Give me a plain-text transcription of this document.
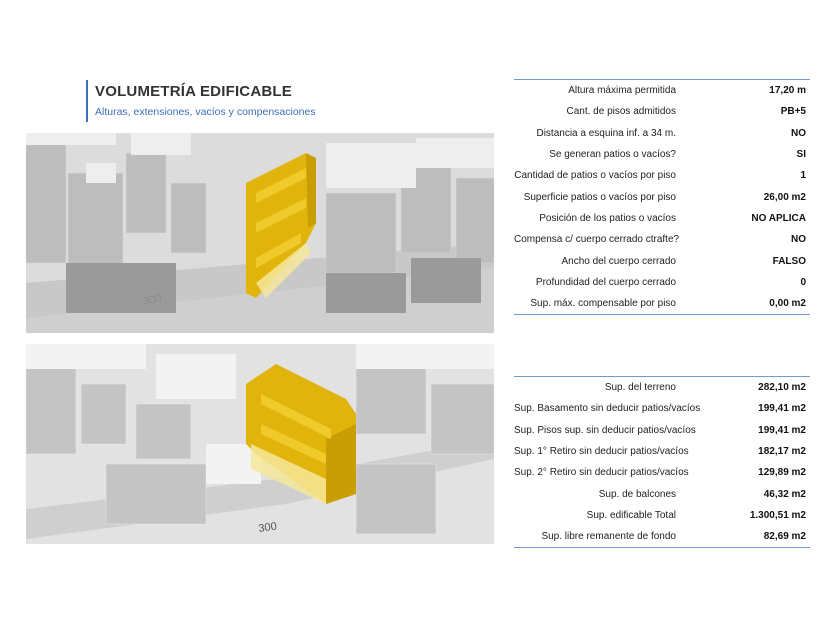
VOLUMETRÍA EDIFICABLE
Alturas, extensiones, vacíos y compensaciones
300
300
Altura máxima permitida	17,20 m
Cant. de pisos admitidos	PB+5
Distancia a esquina inf. a 34 m.	NO
Se generan patios o vacíos?	SI
Cantidad de patios o vacíos por piso	1
Superficie patios o vacíos por piso	26,00 m2
Posición de los patios o vacíos	NO APLICA
Compensa c/ cuerpo cerrado ctrafte?	NO
Ancho del cuerpo cerrado	FALSO
Profundidad del cuerpo cerrado	0
Sup. máx. compensable por piso	0,00 m2
Sup. del terreno	282,10 m2
Sup. Basamento sin deducir patios/vacíos	199,41 m2
Sup. Pisos sup. sin deducir patios/vacíos	199,41 m2
Sup. 1° Retiro sin deducir patios/vacíos	182,17 m2
Sup. 2° Retiro sin deducir patios/vacíos	129,89 m2
Sup. de balcones	46,32 m2
Sup. edificable Total	1.300,51 m2
Sup. libre remanente de fondo	82,69 m2
